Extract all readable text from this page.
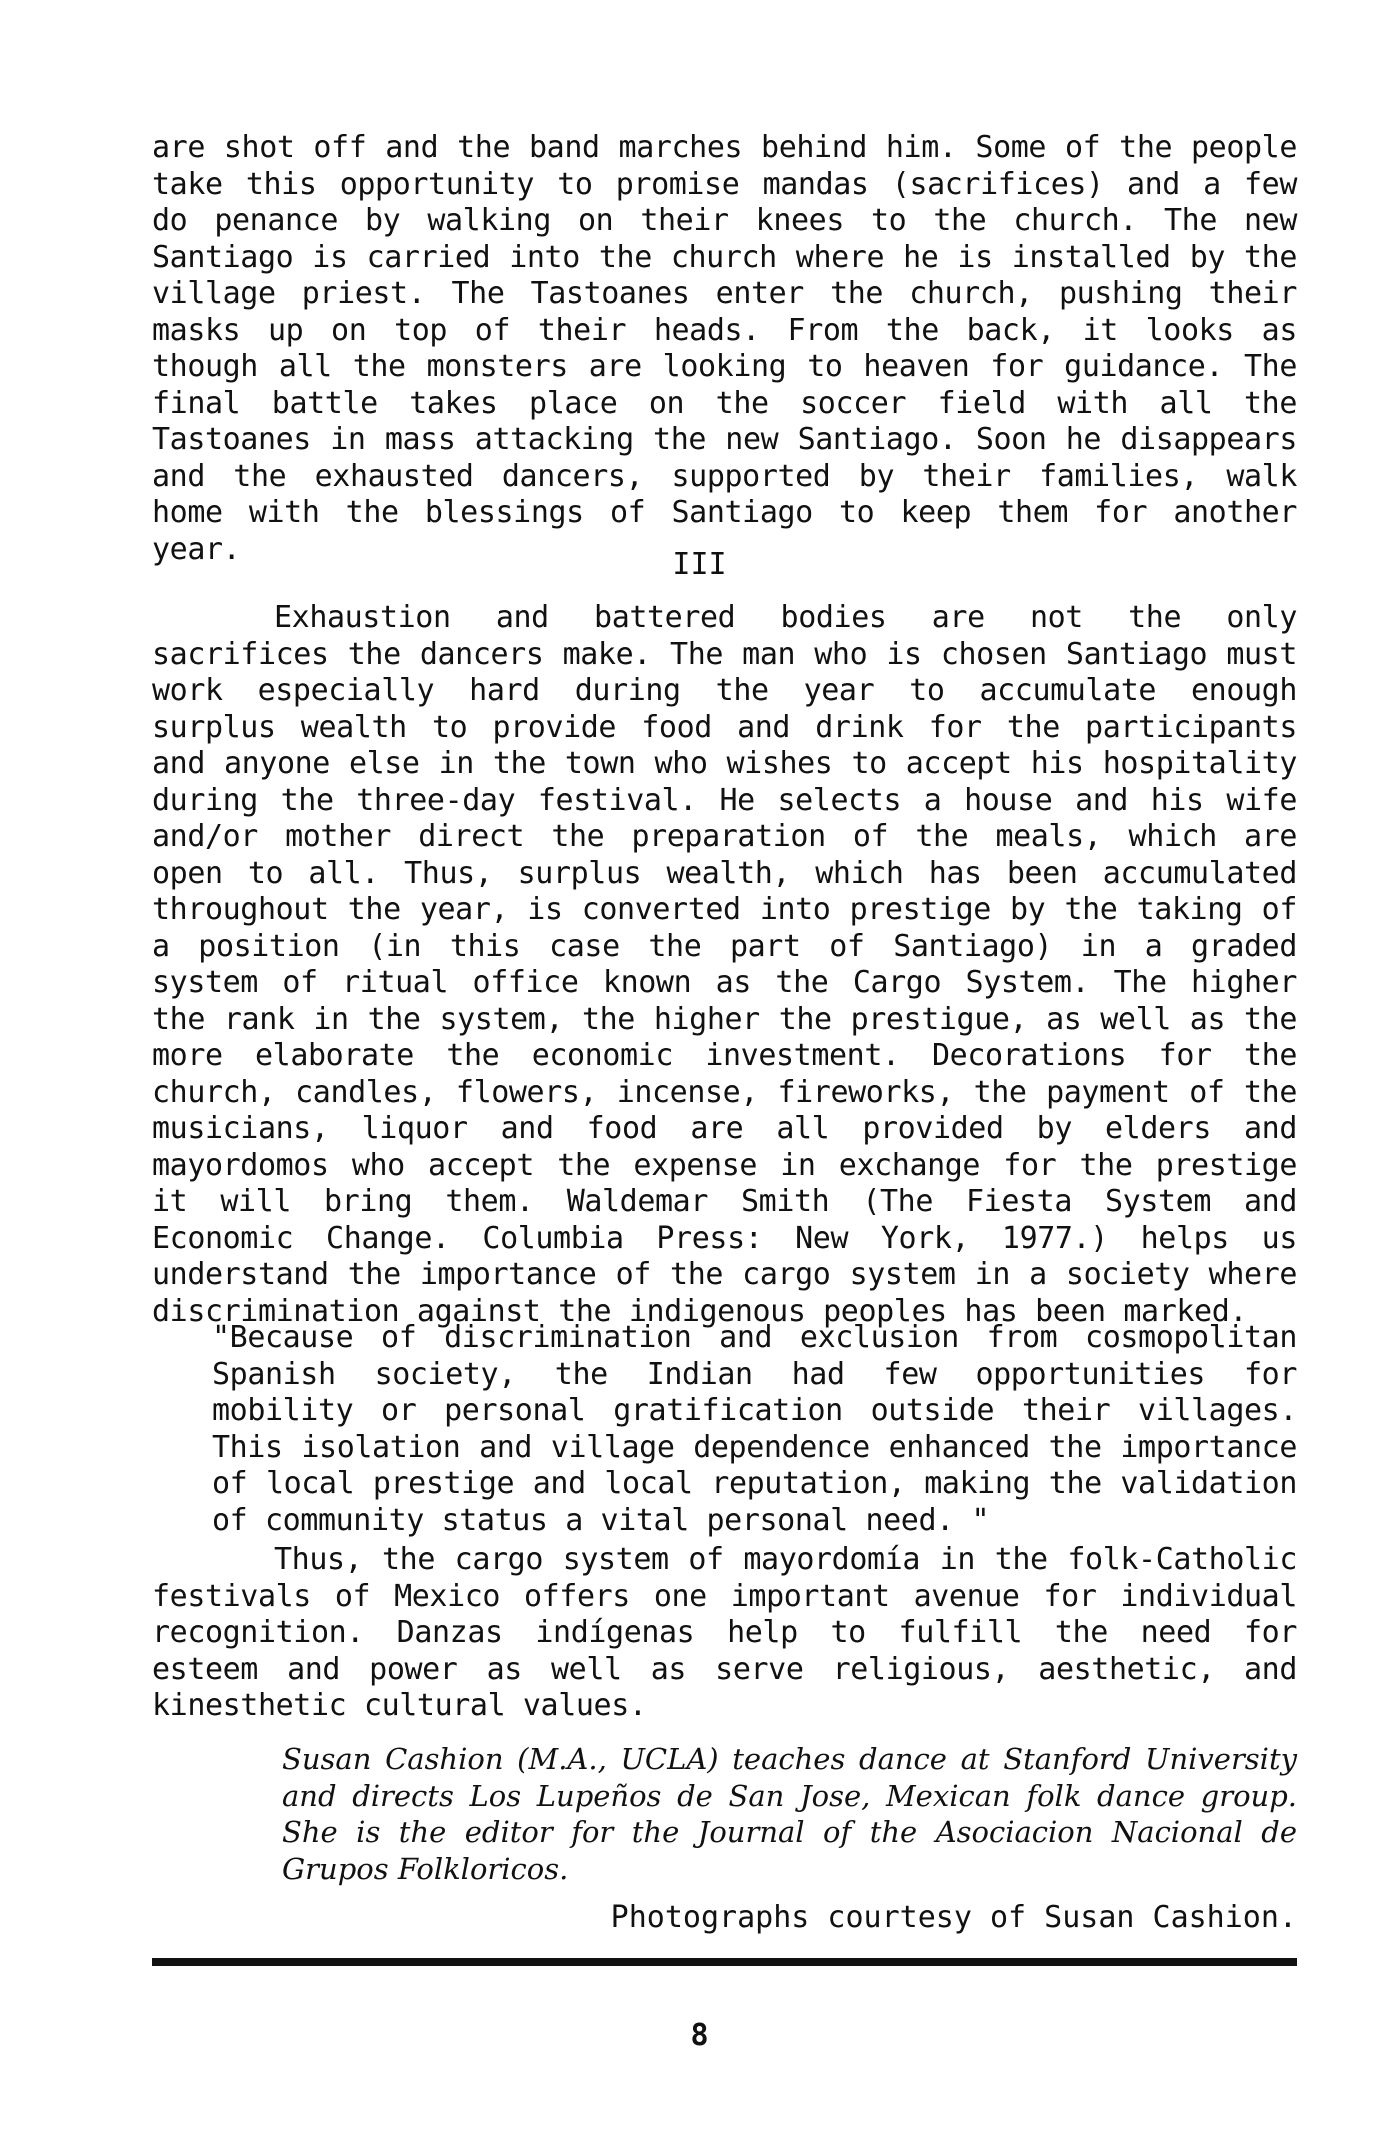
are shot off and the band marches behind him. Some of the people take this opportunity to promise mandas (sacrifices) and a few do penance by walking on their knees to the church. The new Santiago is carried into the church where he is installed by the village priest. The Tastoanes enter the church, pushing their masks up on top of their heads. From the back, it looks as though all the monsters are looking to heaven for guidance. The final battle takes place on the soccer field with all the Tastoanes in mass attacking the new Santiago. Soon he disappears and the exhausted dancers, supported by their families, walk home with the blessings of Santiago to keep them for another year.	III

Exhaustion and battered bodies are not the only sacrifices the dancers make. The man who is chosen Santiago must work especially hard during the year to accumulate enough surplus wealth to provide food and drink for the participants and anyone else in the town who wishes to accept his hospitality during the three-day festival. He selects a house and his wife and/or mother direct the preparation of the meals, which are open to all. Thus, surplus wealth, which has been accumulated throughout the year, is converted into prestige by the taking of a position (in this case the part of Santiago) in a graded system of ritual office known as the Cargo System. The higher the rank in the system, the higher the prestigue, as well as the more elaborate the economic investment. Decorations for the church, candles, flowers, incense, fireworks, the payment of the musicians, liquor and food are all provided by elders and mayordomos who accept the expense in exchange for the prestige it will bring them. Waldemar Smith (The Fiesta System and Economic Change. Columbia Press: New York, 1977.) helps us understand the importance of the cargo system in a society where discrimination against the indigenous peoples has been marked.

"Because of discrimination and exclusion from cosmopolitan Spanish society, the Indian had few opportunities for mobility or personal gratification outside their villages. This isolation and village dependence enhanced the importance of local prestige and local reputation, making the validation of community status a vital personal need. "

Thus, the cargo system of mayordomía in the folk-Catholic festivals of Mexico offers one important avenue for individual recognition. Danzas indígenas help to fulfill the need for esteem and power as well as serve religious, aesthetic, and kinesthetic cultural values.

Susan Cashion (M.A., UCLA) teaches dance at Stanford University and directs Los Lupeños de San Jose, Mexican folk dance group. She is the editor for the Journal of the Asociacion Nacional de Grupos Folkloricos.

Photographs courtesy of Susan Cashion.

8
